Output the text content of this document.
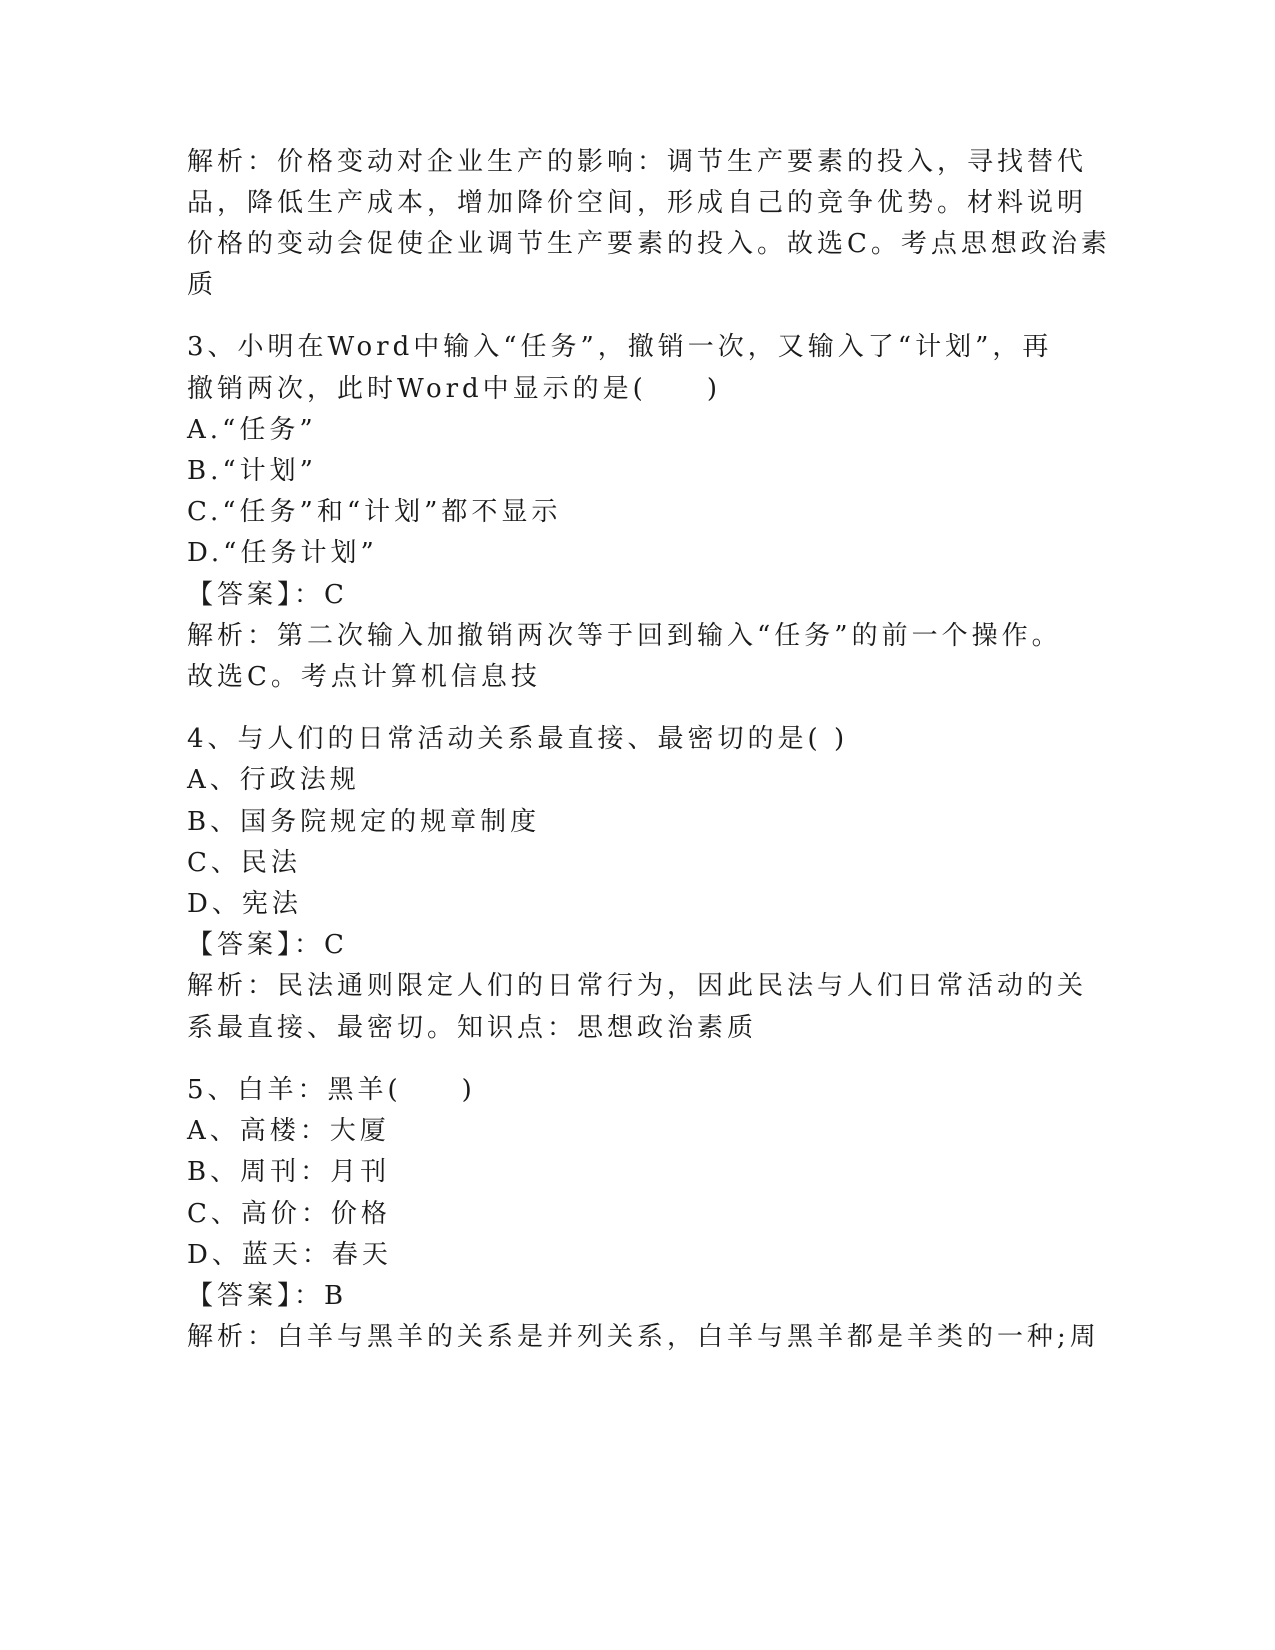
解析：价格变动对企业生产的影响：调节生产要素的投入，寻找替代
品，降低生产成本，增加降价空间，形成自己的竞争优势。材料说明
价格的变动会促使企业调节生产要素的投入。故选C。考点思想政治素
质
3、小明在Word中输入“任务”，撤销一次，又输入了“计划”，再
撤销两次，此时Word中显示的是(　　)
A.“任务”
B.“计划”
C.“任务”和“计划”都不显示
D.“任务计划”
【答案】：C
解析：第二次输入加撤销两次等于回到输入“任务”的前一个操作。
故选C。考点计算机信息技
4、与人们的日常活动关系最直接、最密切的是( )
A、行政法规
B、国务院规定的规章制度
C、民法
D、宪法
【答案】：C
解析：民法通则限定人们的日常行为，因此民法与人们日常活动的关
系最直接、最密切。知识点：思想政治素质
5、白羊：黑羊(　　)
A、高楼：大厦
B、周刊：月刊
C、高价：价格
D、蓝天：春天
【答案】：B
解析：白羊与黑羊的关系是并列关系，白羊与黑羊都是羊类的一种;周
